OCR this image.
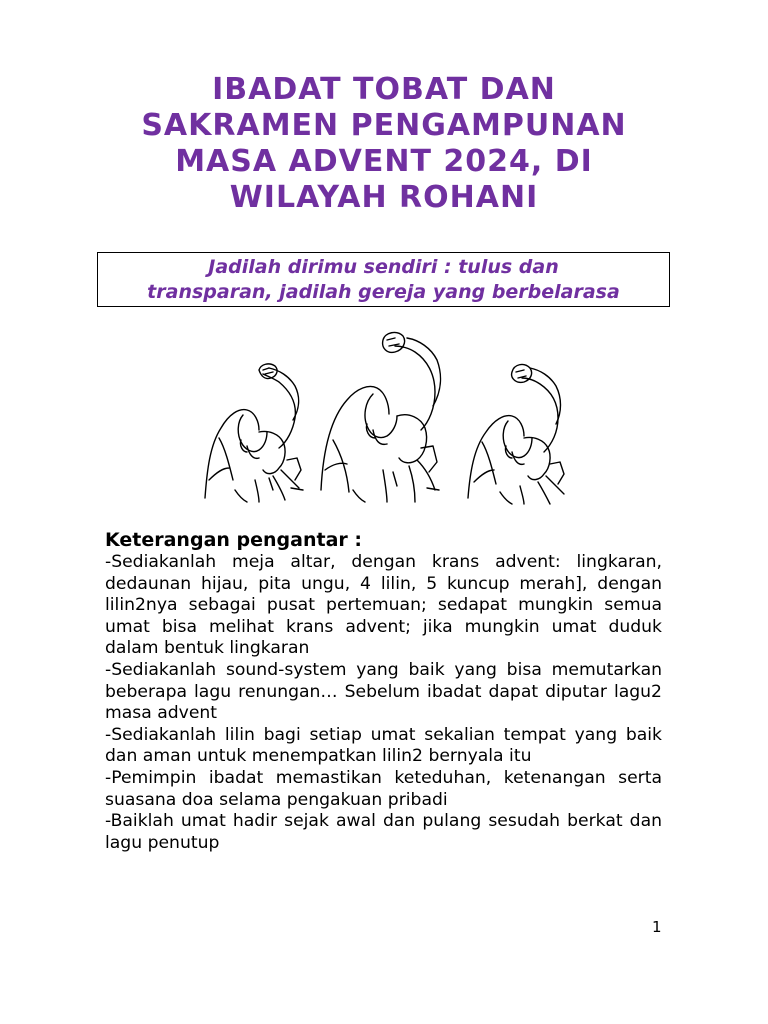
IBADAT TOBAT DAN
SAKRAMEN PENGAMPUNAN
MASA ADVENT 2024, DI
WILAYAH ROHANI
Jadilah dirimu sendiri : tulus dan
transparan, jadilah gereja yang berbelarasa
Keterangan pengantar :
-Sediakanlah meja altar, dengan krans advent: lingkaran, dedaunan hijau, pita ungu, 4 lilin, 5 kuncup merah], dengan lilin2nya sebagai pusat pertemuan; sedapat mungkin semua umat bisa melihat krans advent; jika mungkin umat duduk dalam bentuk lingkaran
-Sediakanlah sound-system yang baik yang bisa memutarkan beberapa lagu renungan… Sebelum ibadat dapat diputar lagu2 masa advent
-Sediakanlah lilin bagi setiap umat sekalian tempat yang baik dan aman untuk menempatkan lilin2 bernyala itu
-Pemimpin ibadat memastikan keteduhan, ketenangan serta suasana doa selama pengakuan pribadi
-Baiklah umat hadir sejak awal dan pulang sesudah berkat dan lagu penutup
1
